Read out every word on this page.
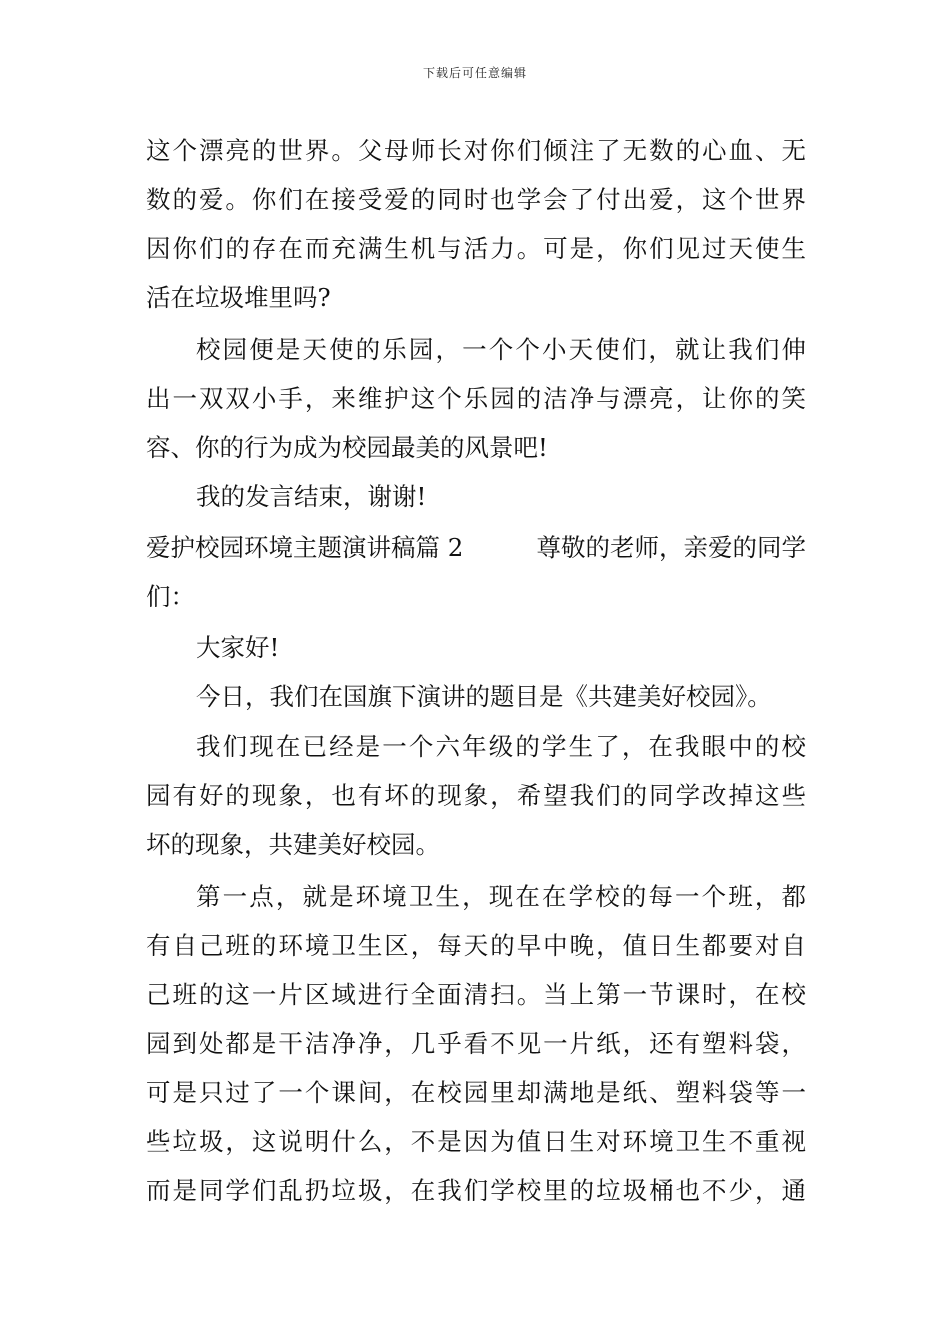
下载后可任意编辑
这个漂亮的世界。父母师长对你们倾注了无数的心血、无
数的爱。你们在接受爱的同时也学会了付出爱，这个世界
因你们的存在而充满生机与活力。可是，你们见过天使生
活在垃圾堆里吗?
校园便是天使的乐园，一个个小天使们，就让我们伸
出一双双小手，来维护这个乐园的洁净与漂亮，让你的笑
容、你的行为成为校园最美的风景吧!
我的发言结束，谢谢!
爱护校园环境主题演讲稿篇 2	尊敬的老师，亲爱的同学
们：
大家好!
今日，我们在国旗下演讲的题目是《共建美好校园》。
我们现在已经是一个六年级的学生了，在我眼中的校
园有好的现象，也有坏的现象，希望我们的同学改掉这些
坏的现象，共建美好校园。
第一点，就是环境卫生，现在在学校的每一个班，都
有自己班的环境卫生区，每天的早中晚，值日生都要对自
己班的这一片区域进行全面清扫。当上第一节课时，在校
园到处都是干洁净净，几乎看不见一片纸，还有塑料袋，
可是只过了一个课间，在校园里却满地是纸、塑料袋等一
些垃圾，这说明什么，不是因为值日生对环境卫生不重视
而是同学们乱扔垃圾，在我们学校里的垃圾桶也不少，通
